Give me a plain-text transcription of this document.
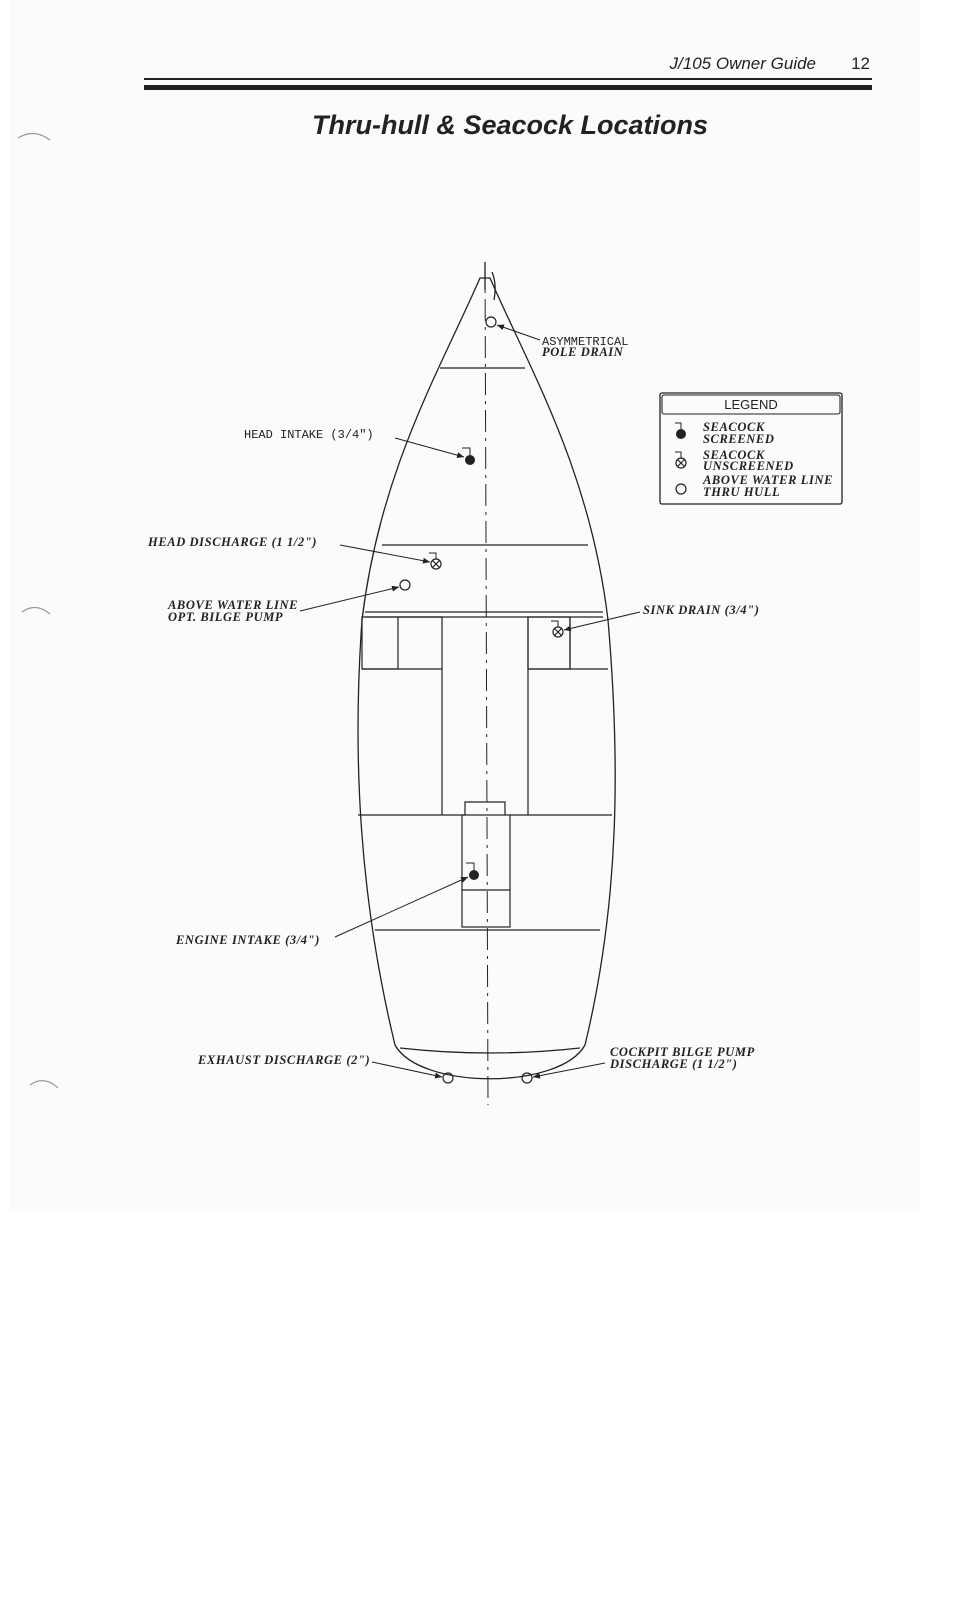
J/105 Owner Guide 12
Thru-hull & Seacock Locations
ASYMMETRICAL
POLE DRAIN
HEAD INTAKE (3/4")
HEAD DISCHARGE (1 1/2")
ABOVE WATER LINE
OPT. BILGE PUMP	SINK DRAIN (3/4")
ENGINE INTAKE (3/4")
EXHAUST DISCHARGE (2")
COCKPIT BILGE PUMP
DISCHARGE (1 1/2")
LEGEND
SEACOCK
SCREENED
SEACOCK
UNSCREENED
ABOVE WATER LINE
THRU HULL
